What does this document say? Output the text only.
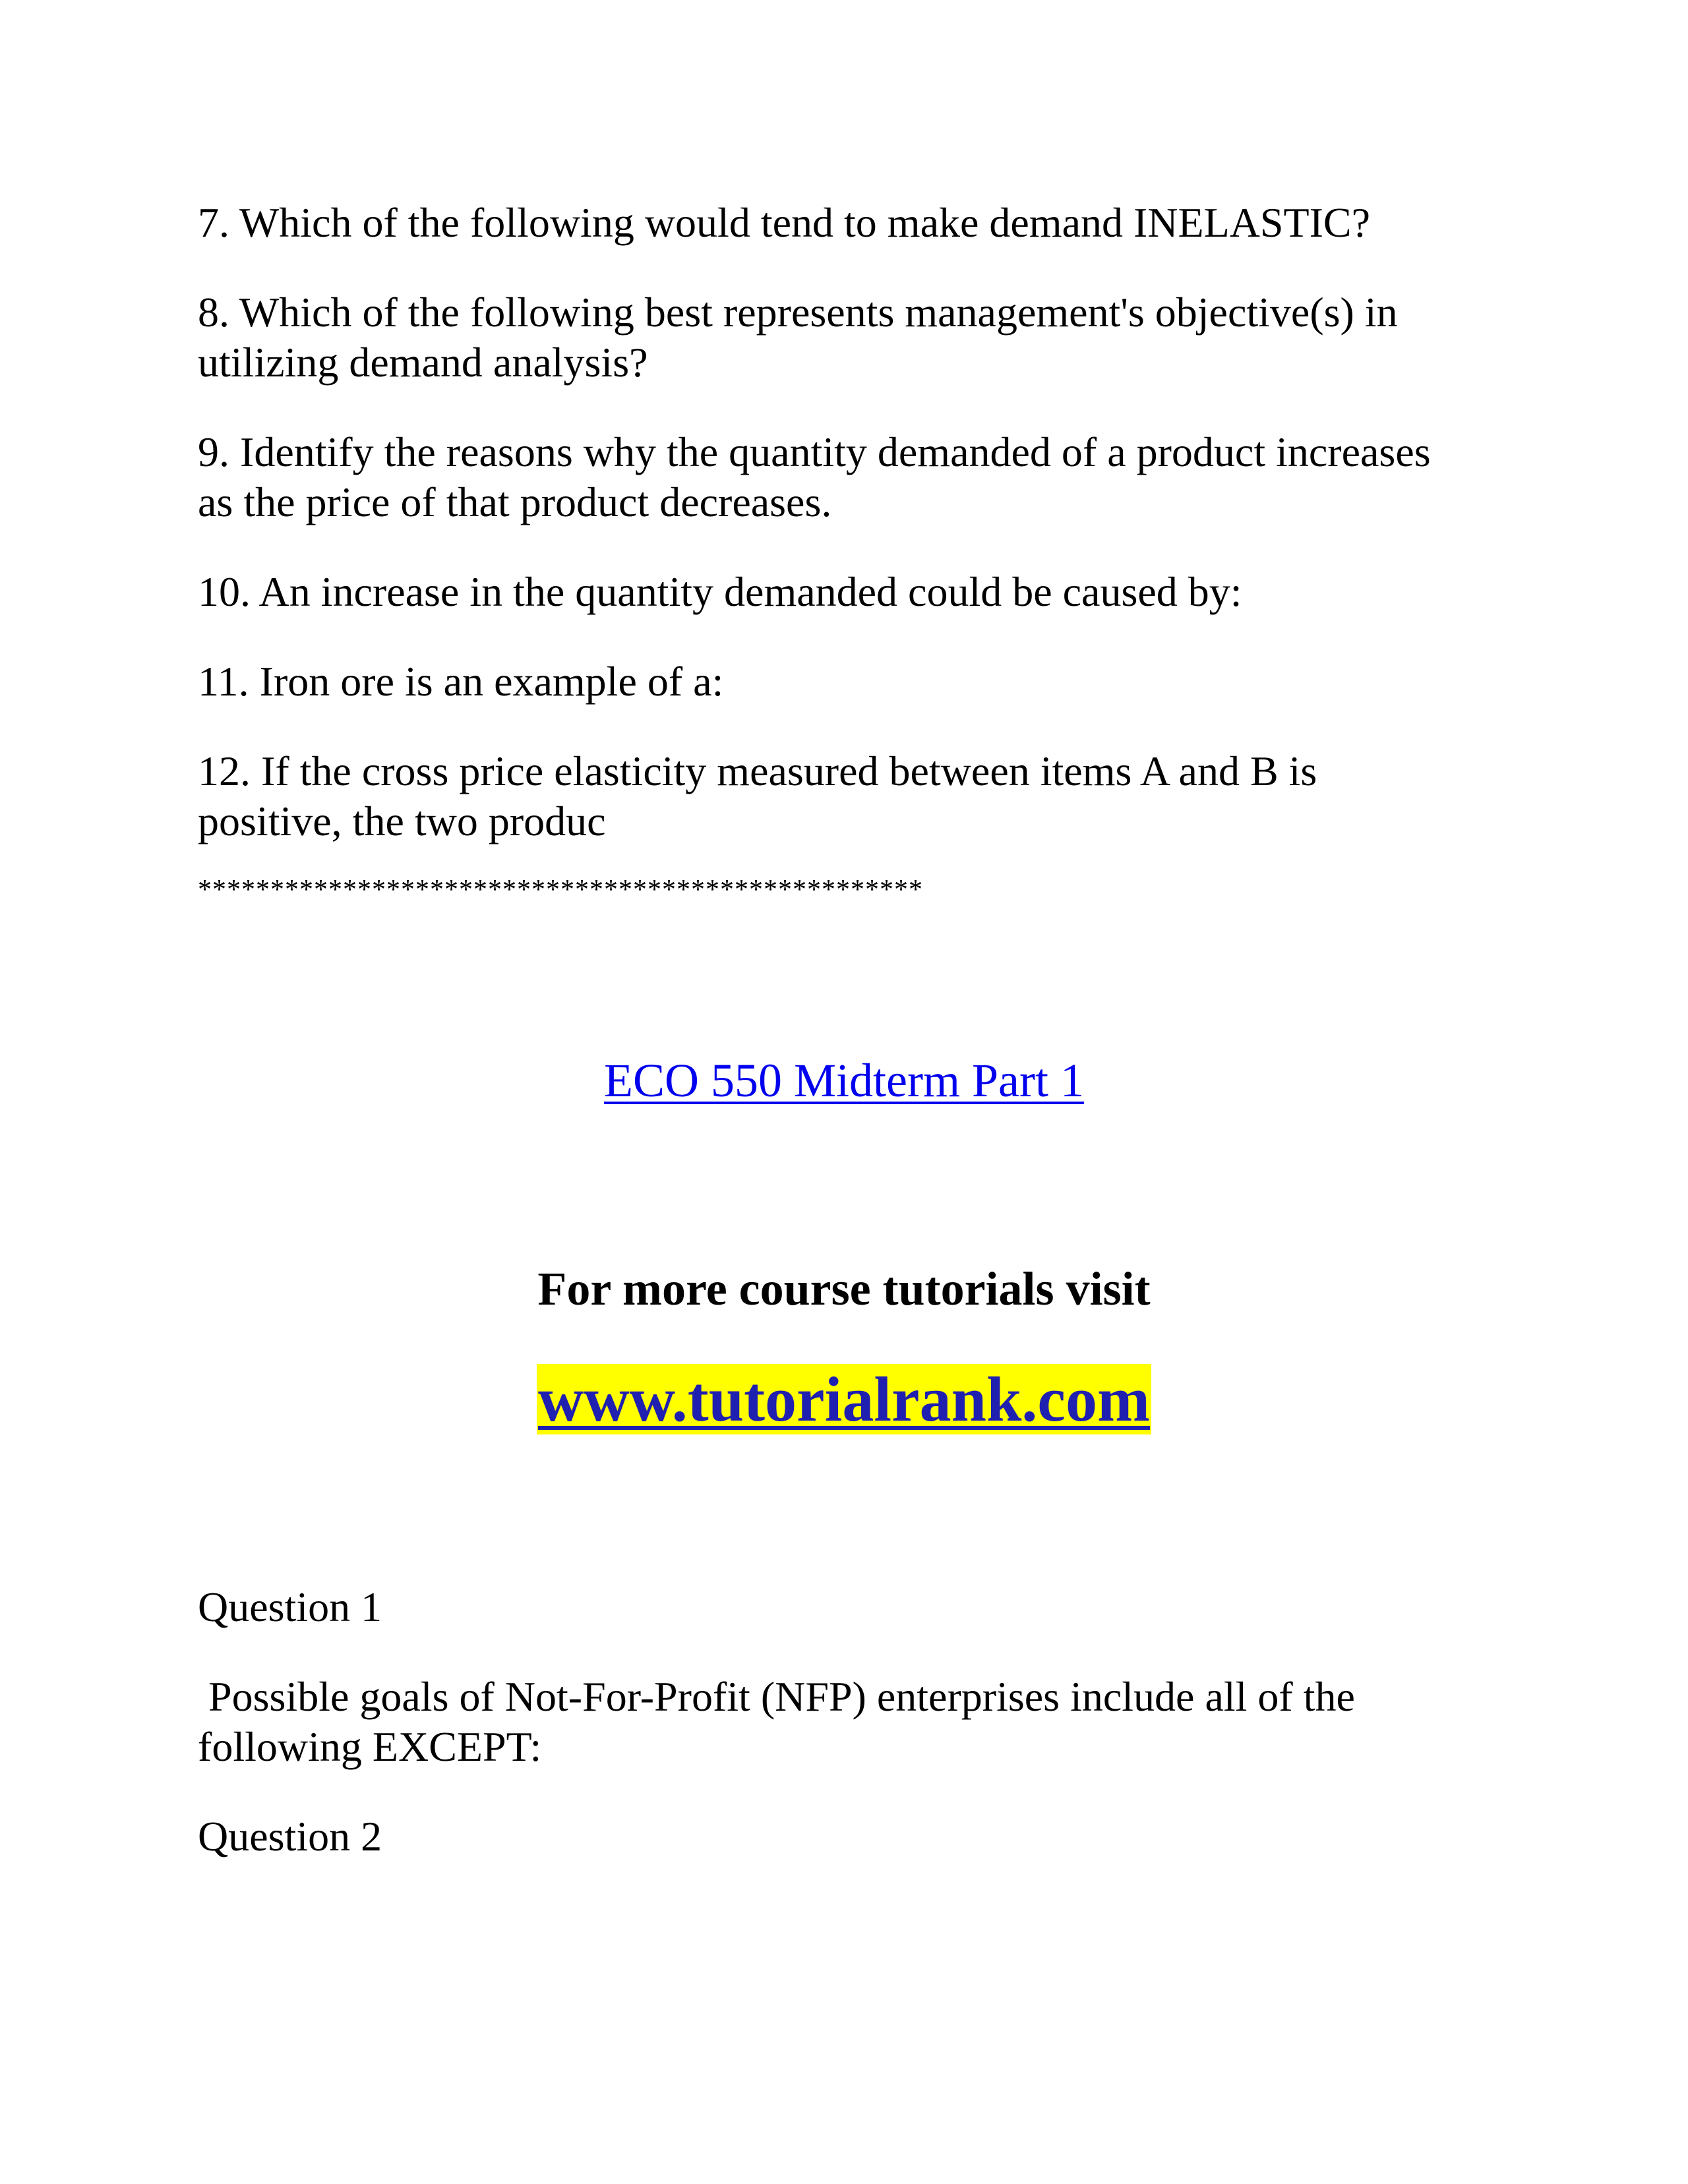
7. Which of the following would tend to make demand INELASTIC?

8. Which of the following best represents management's objective(s) in
utilizing demand analysis?

9. Identify the reasons why the quantity demanded of a product increases
as the price of that product decreases.

10. An increase in the quantity demanded could be caused by:

11. Iron ore is an example of a:

12. If the cross price elasticity measured between items A and B is
positive, the two produc

**************************************************
ECO 550 Midterm Part 1
For more course tutorials visit
www.tutorialrank.com

Question 1

Possible goals of Not-For-Profit (NFP) enterprises include all of the
following EXCEPT:

Question 2
